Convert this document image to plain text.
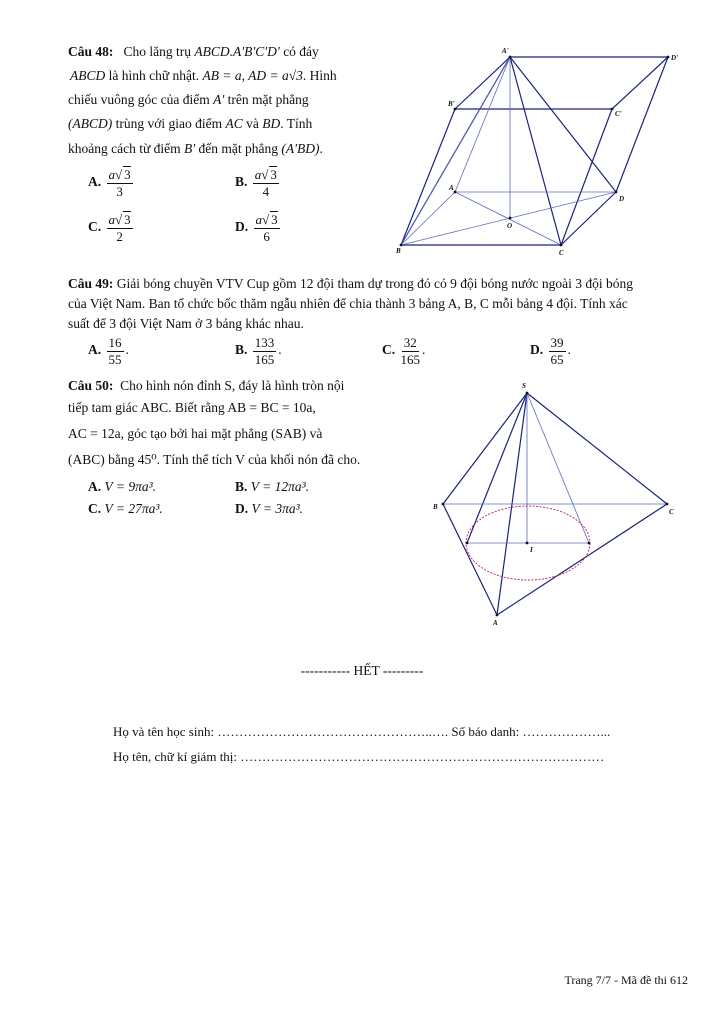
Câu 48: Cho lăng trụ ABCD.A'B'C'D' có đáy
ABCD là hình chữ nhật. AB = a, AD = a√3. Hình
chiếu vuông góc của điểm A' trên mặt phẳng
(ABCD) trùng với giao điểm AC và BD. Tính
khoảng cách từ điểm B' đến mặt phẳng (A'BD).
A. $\frac{a√ 3}{3}$	B. $\frac{a√ 3}{4}$
C. $\frac{a√ 3}{2}$	D. $\frac{a√ 3}{6}$
A'
D'
B'
C'
A
D
O
B	C
Câu 49: Giải bóng chuyền VTV Cup gồm 12 đội tham dự trong đó có 9 đội bóng nước ngoài 3 đội bóng
của Việt Nam. Ban tổ chức bốc thăm ngẫu nhiên để chia thành 3 bảng A, B, C mỗi bảng 4 đội. Tính xác
suất để 3 đội Việt Nam ở 3 bảng khác nhau.
A. $\frac{16}{55}$ .	B. $\frac{133}{165}$ .	C. $\frac{32}{165}$ .	D. $\frac{39}{65}$ .
Câu 50: Cho hình nón đỉnh S, đáy là hình tròn nội
tiếp tam giác ABC. Biết rằng AB = BC = 10a,
AC = 12a, góc tạo bởi hai mặt phẳng (SAB) và
(ABC) bằng 45⁰. Tính thể tích V của khối nón đã cho.
A. V = 9πa³.	B. V = 12πa³.
C. V = 27πa³.	D. V = 3πa³.
S
B
C
I
A
----------- HẾT ---------
Họ và tên học sinh: …………………………………………..…. Số báo danh: ………………...
Họ tên, chữ kí giám thị: …………………………………………………………………………
Trang 7/7 - Mã đề thi 612
